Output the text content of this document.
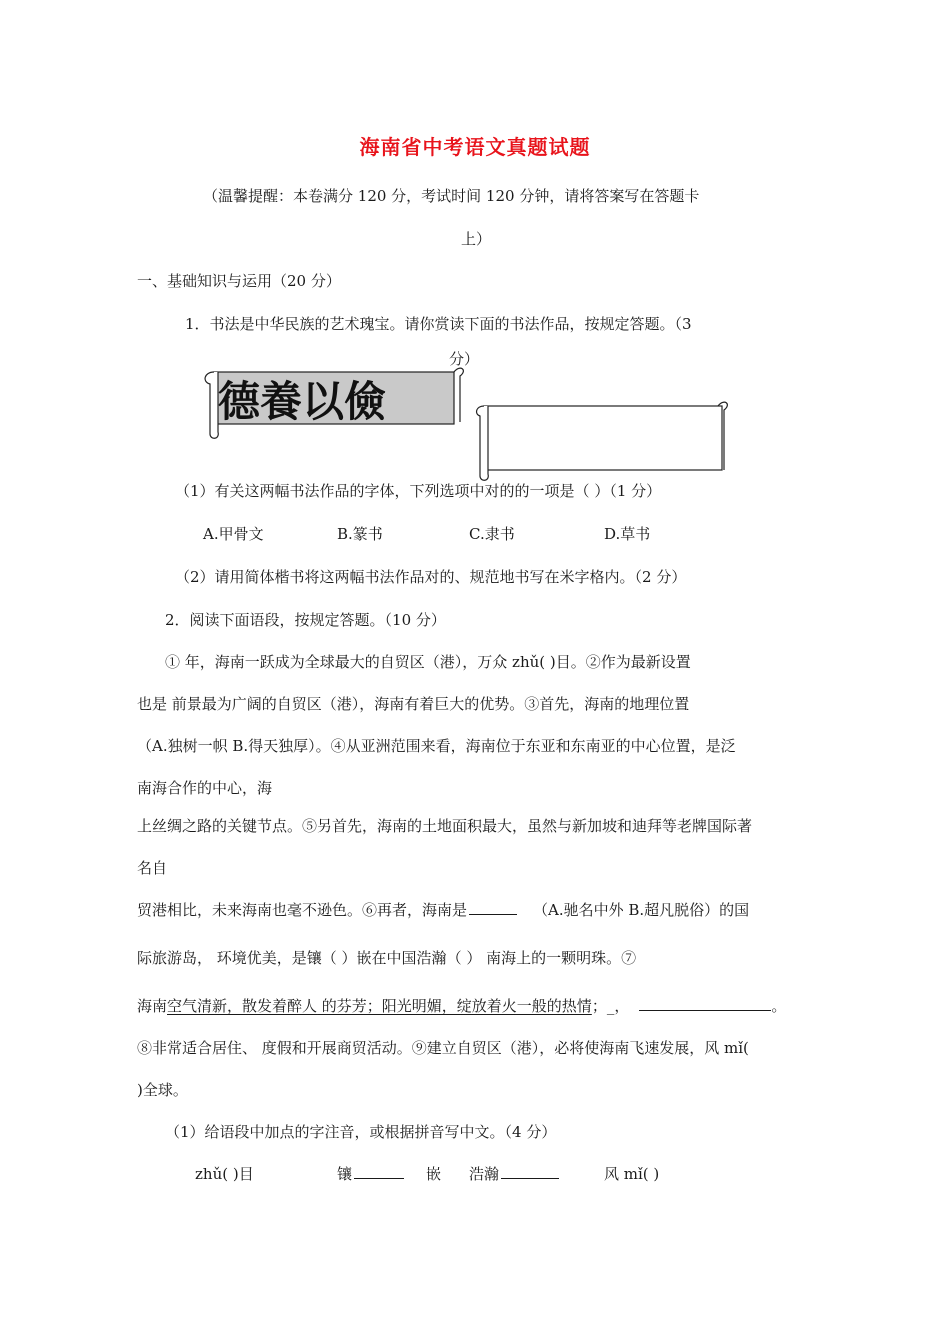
海南省中考语文真题试题
（温馨提醒：本卷满分 120 分，考试时间 120 分钟，请将答案写在答题卡
上）
一、基础知识与运用（20 分）
1．书法是中华民族的艺术瑰宝。请你赏读下面的书法作品，按规定答题。（3
德養以儉
分）
（1）有关这两幅书法作品的字体，下列选项中对的的一项是（ ）（1 分）
A.甲骨文	B.篆书	C.隶书	D.草书
（2）请用简体楷书将这两幅书法作品对的、规范地书写在米字格内。（2 分）
2．阅读下面语段，按规定答题。（10 分）
① 年，海南一跃成为全球最大的自贸区（港），万众 zhǔ( )目。②作为最新设置
也是 前景最为广阔的自贸区（港），海南有着巨大的优势。③首先，海南的地理位置
（A.独树一帜 B.得天独厚）。④从亚洲范围来看，海南位于东亚和东南亚的中心位置，是泛
南海合作的中心，海
上丝绸之路的关键节点。⑤另首先，海南的土地面积最大，虽然与新加坡和迪拜等老牌国际著
名自
贸港相比，未来海南也毫不逊色。⑥再者，海南是	（A.驰名中外 B.超凡脱俗）的国
际旅游岛， 环境优美，是镶（ ）嵌在中国浩瀚（ ） 南海上的一颗明珠。⑦
海南空气清新，散发着醉人 的芬芳；阳光明媚，绽放着火一般的热情；_，	。
⑧非常适合居住、 度假和开展商贸活动。⑨建立自贸区（港），必将使海南飞速发展，风 mǐ(
)全球。
（1）给语段中加点的字注音，或根据拼音写中文。（4 分）
zhǔ( )目	镶	嵌 浩瀚	风 mǐ( )
